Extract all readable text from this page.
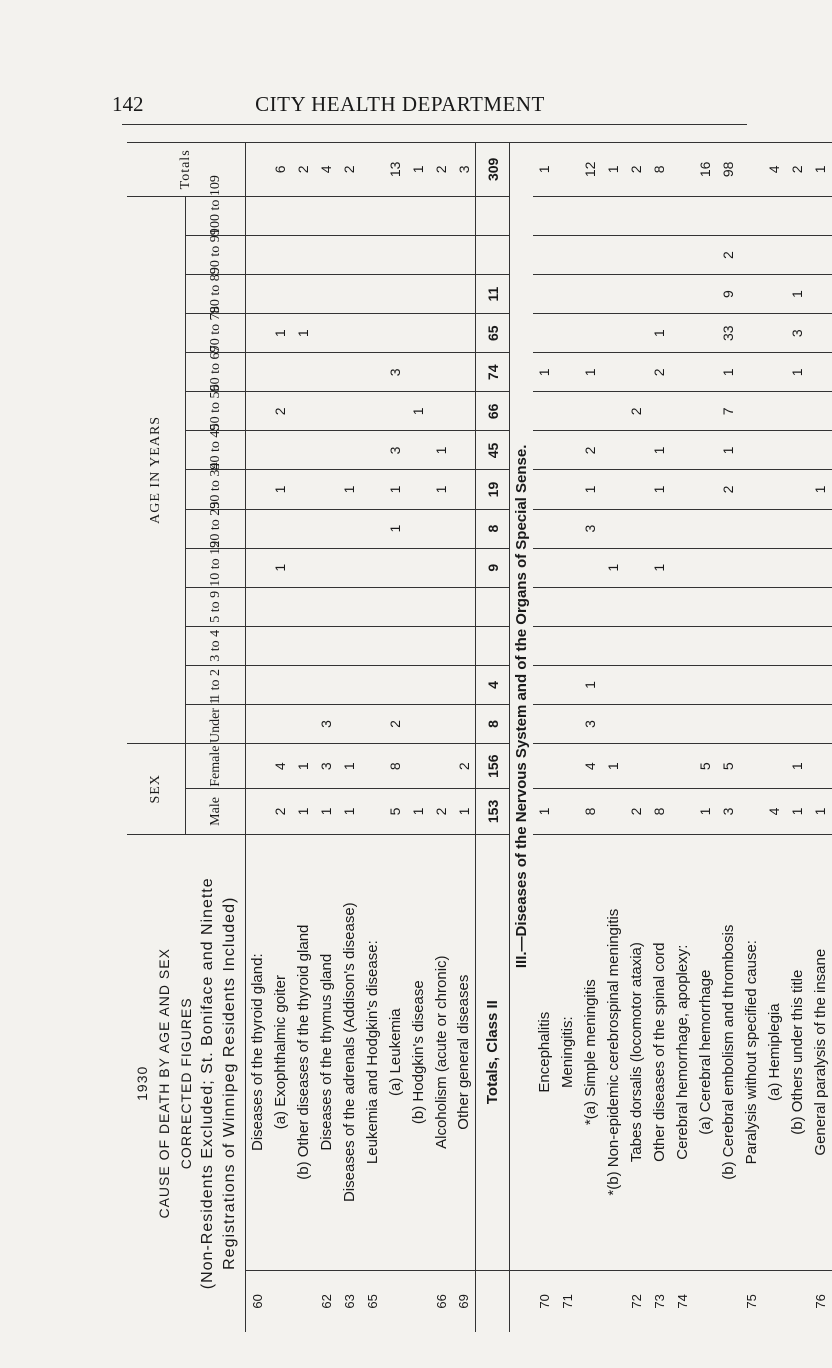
142	CITY HEALTH DEPARTMENT
1930 CAUSE OF DEATH BY AGE AND SEX CORRECTED FIGURES (Non-Residents Excluded; St. Boniface and Ninette Registrations of Winnipeg Residents Included)		SEX		AGE IN YEARS														Totals
		Male	Female	Under 1	1 to 2	3 to 4	5 to 9	10 to 19	20 to 29	30 to 39	40 to 49	50 to 59	60 to 69	70 to 79	80 to 89	90 to 99	100 to 109	
60	Diseases of the thyroid gland:																	
	(a) Exophthalmic goiter	2	4					1		1		2		1				6
	(b) Other diseases of the thyroid gland	1	1											1				2
62	Diseases of the thymus gland	1	3	3														4
63	Diseases of the adrenals (Addison's disease)	1	1							1								2
65	Leukemia and Hodgkin's disease:																	
	(a) Leukemia	5	8	2					1	1	3		3					13
	(b) Hodgkin's disease	1										1						1
66	Alcoholism (acute or chronic)	2								1	1							2
69	Other general diseases	1	2															3
	Totals, Class II	153	156	8	4			9	8	19	45	66	74	65	11			309
	III.—Diseases of the Nervous System and of the Organs of Special Sense.																	
70	Encephalitis	1											1					1
71	Meningitis:																	
	*(a) Simple meningitis	8	4	3	1				3	1	2		1					12
	*(b) Non-epidemic cerebrospinal meningitis		1					1										1
72	Tabes dorsalis (locomotor ataxia)	2										2						2
73	Other diseases of the spinal cord	8						1		1	1		2	1				8
74	Cerebral hemorrhage, apoplexy:																	
	(a) Cerebral hemorrhage	1	5															16
	(b) Cerebral embolism and thrombosis	3	5							2	1	7	1	33	9	2		98
75	Paralysis without specified cause:																	
	(a) Hemiplegia	4																4
	(b) Others under this title	1	1										1	3	1			2
76	General paralysis of the insane	1								1								1
